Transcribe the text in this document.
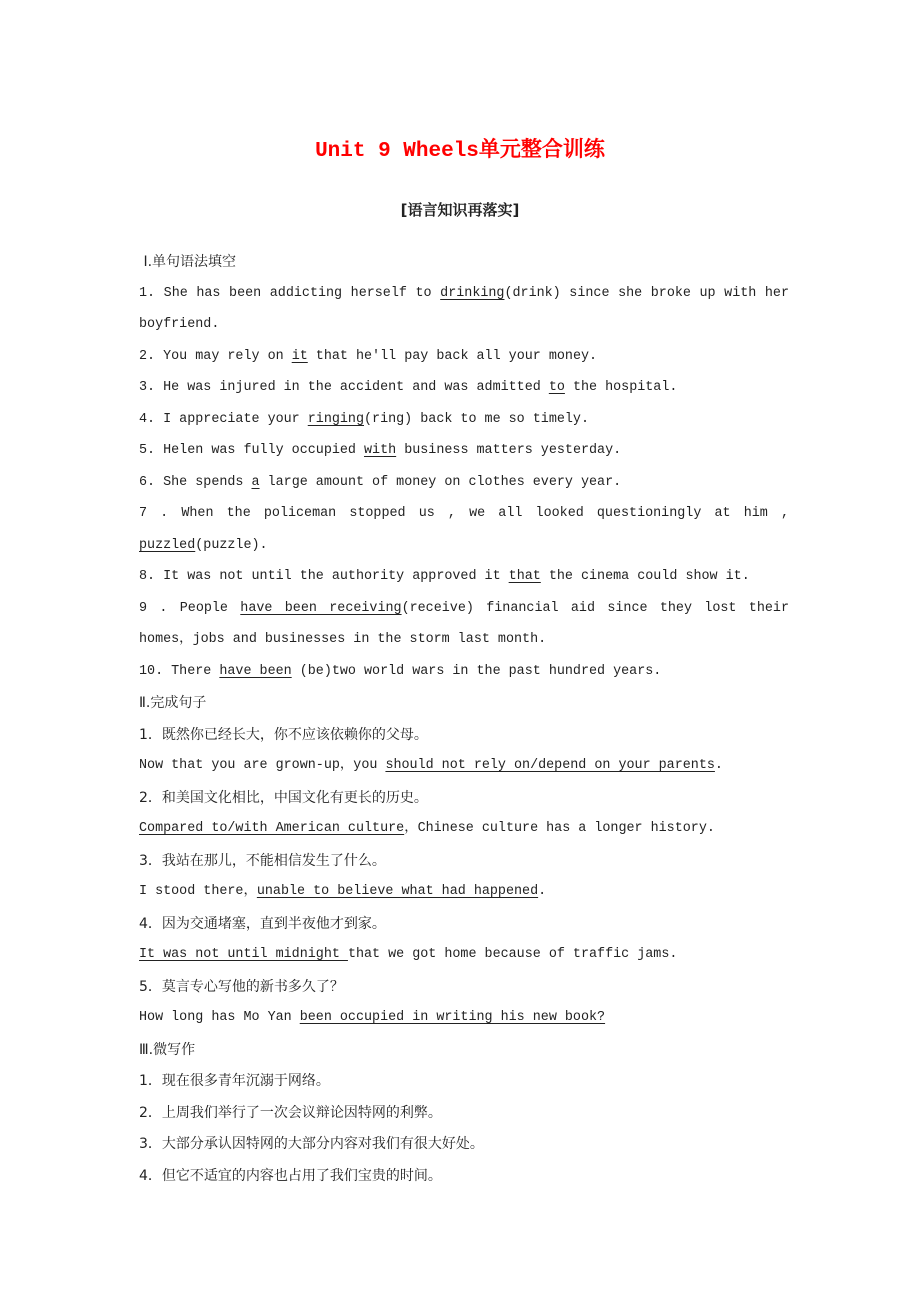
Unit 9 Wheels单元整合训练
[语言知识再落实]
Ⅰ.单句语法填空
1. She has been addicting herself to drinking(drink) since she broke up with her
boyfriend.
2. You may rely on it that he'll pay back all your money.
3. He was injured in the accident and was admitted to the hospital.
4. I appreciate your ringing(ring) back to me so timely.
5. Helen was fully occupied with business matters yesterday.
6. She spends a large amount of money on clothes every year.
7 . When the policeman stopped us , we all looked questioningly at him ,
puzzled(puzzle).
8. It was not until the authority approved it that the cinema could show it.
9 . People have been receiving(receive) financial aid since they lost their
homes，jobs and businesses in the storm last month.
10. There have been (be)two world wars in the past hundred years.
Ⅱ.完成句子
1．既然你已经长大，你不应该依赖你的父母。
Now that you are grown-up，you should not rely on/depend on your parents.
2．和美国文化相比，中国文化有更长的历史。
Compared to/with American culture，Chinese culture has a longer history.
3．我站在那儿，不能相信发生了什么。
I stood there，unable to believe what had happened.
4．因为交通堵塞，直到半夜他才到家。
It was not until midnight that we got home because of traffic jams.
5．莫言专心写他的新书多久了？
How long has Mo Yan been occupied in writing his new book?
Ⅲ.微写作
1．现在很多青年沉溺于网络。
2．上周我们举行了一次会议辩论因特网的利弊。
3．大部分承认因特网的大部分内容对我们有很大好处。
4．但它不适宜的内容也占用了我们宝贵的时间。
